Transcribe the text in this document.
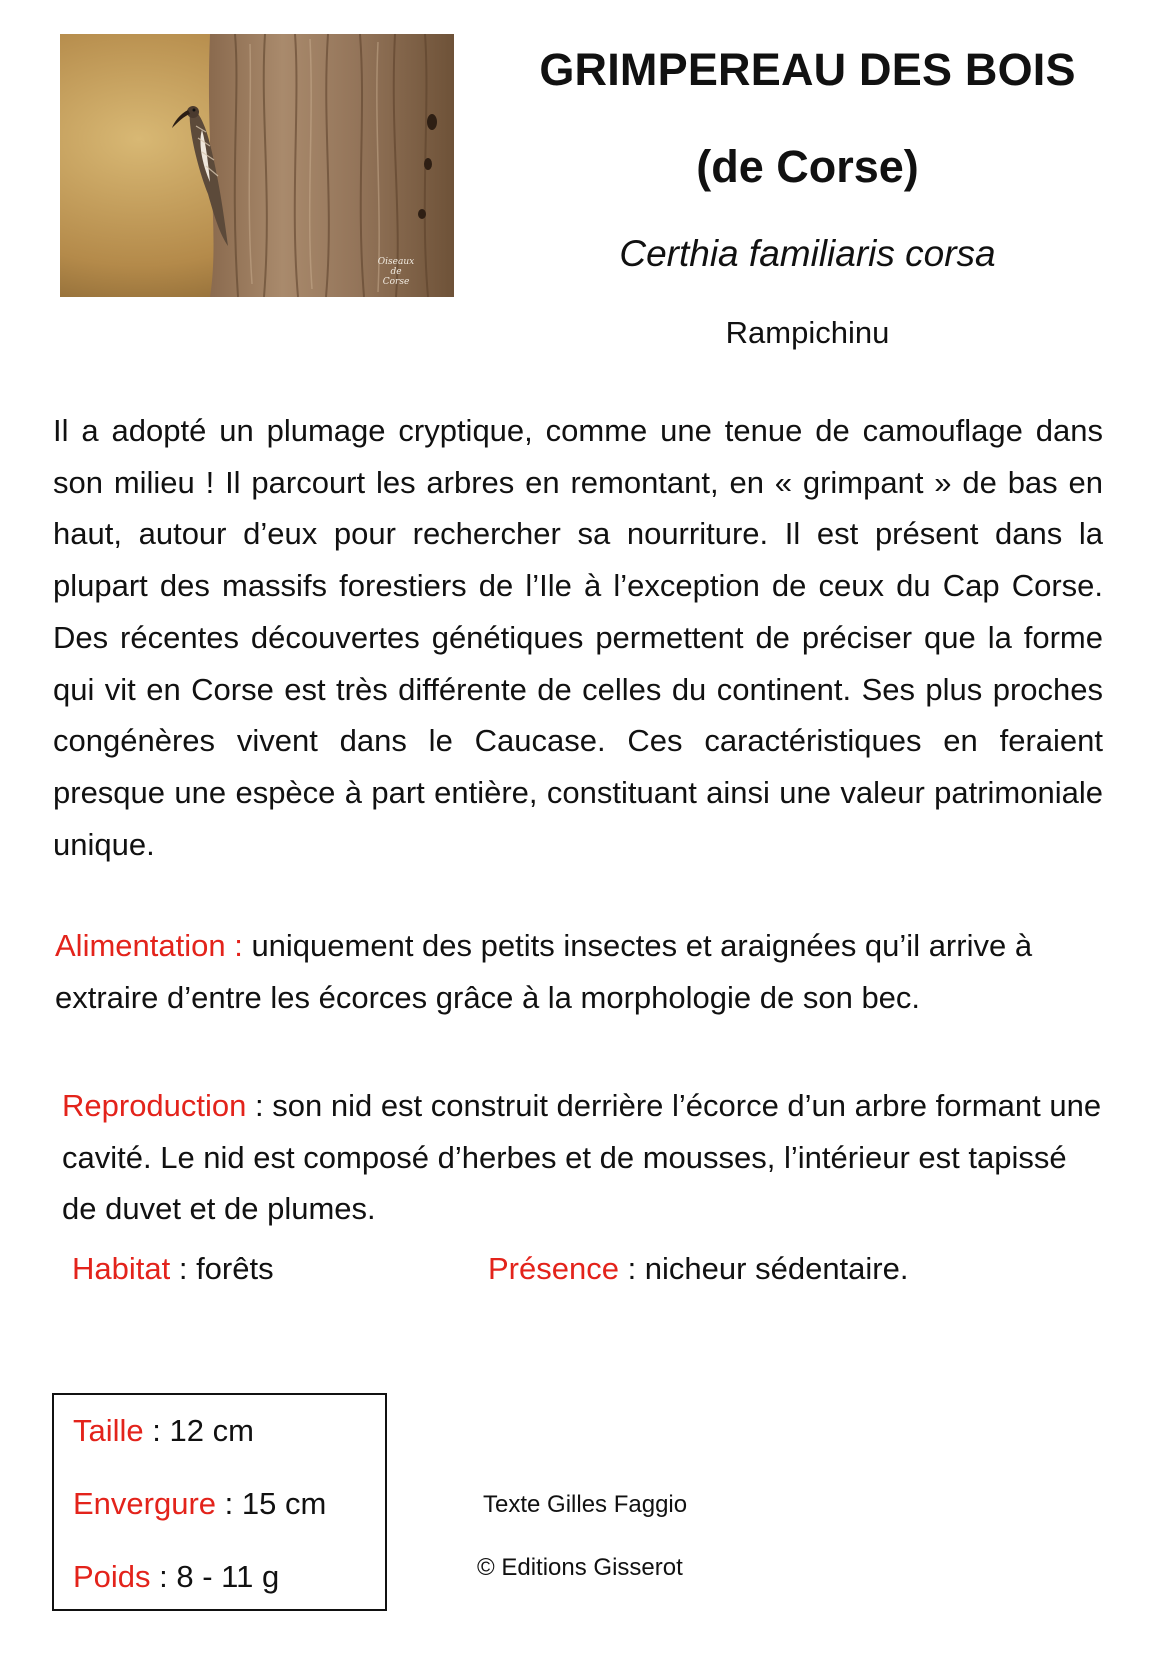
Oiseaux
de Corse
GRIMPEREAU DES BOIS
(de Corse)
Certhia familiaris corsa
Rampichinu

Il a adopté un plumage cryptique, comme une tenue de camouflage dans son milieu ! Il parcourt les arbres en remontant, en « grimpant » de bas en haut, autour d’eux pour rechercher sa nourriture. Il est présent dans la plupart des massifs forestiers de l’Ile à l’exception de ceux du Cap Corse. Des récentes découvertes génétiques permettent de préciser que la forme qui vit en Corse est très différente de celles du continent. Ses plus proches congénères vivent dans le Caucase. Ces caractéristiques en feraient presque une espèce à part entière, constituant ainsi une valeur patrimoniale unique.

Alimentation : uniquement des petits insectes et araignées qu’il arrive à extraire d’entre les écorces grâce à la morphologie de son bec.

Reproduction : son nid est construit derrière l’écorce d’un arbre formant une cavité. Le nid est composé d’herbes et de mousses, l’intérieur est tapissé de duvet et de plumes.

Habitat : forêts	Présence : nicheur sédentaire.

Taille : 12 cm
Envergure : 15 cm
Poids : 8 - 11 g
Texte Gilles Faggio
© Editions Gisserot
